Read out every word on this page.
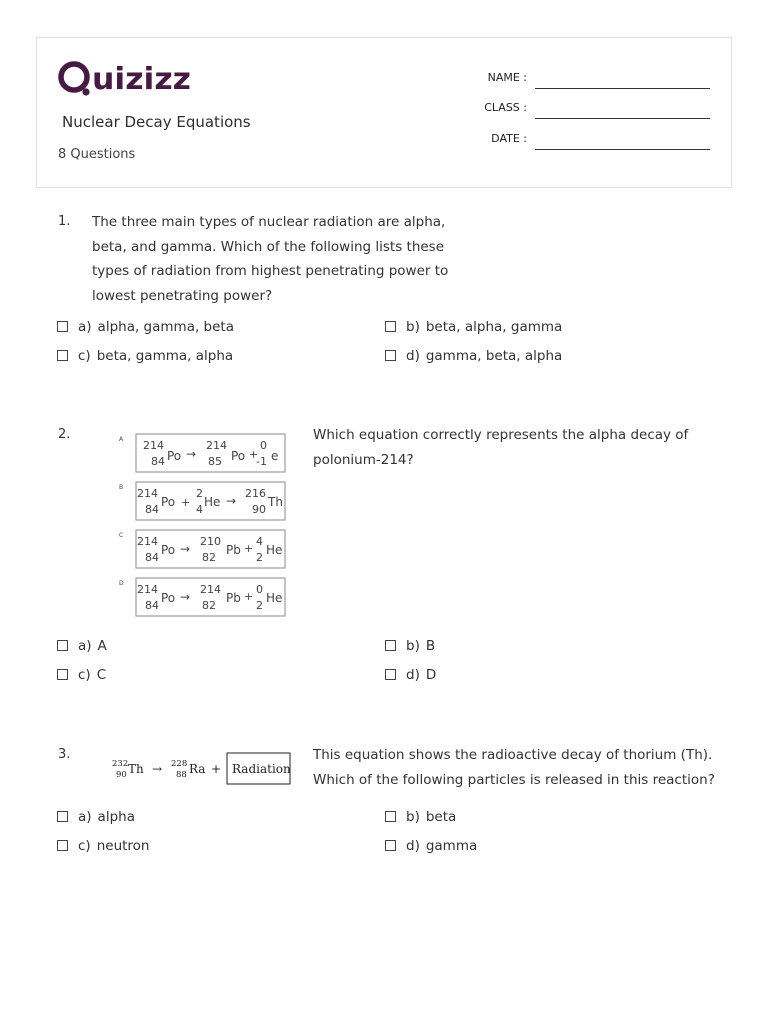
uizizz
Nuclear Decay Equations
8 Questions
NAME :
CLASS :
DATE :
1. The three main types of nuclear radiation are alpha, beta, and gamma. Which of the following lists these types of radiation from highest penetrating power to lowest penetrating power?
a) alpha, gamma, beta	b) beta, alpha, gamma
c) beta, gamma, alpha	d) gamma, beta, alpha
2.	Which equation correctly represents the alpha decay of polonium-214?
A 214
84 Po →
214
85 Po +
0
-1 e
B 214
84
Po +
2
4
He →
216
90
Th
C 214
84
Po →
210
82
Pb +
4
2
He
D 214
84
Po →
214
82
Pb +
0
2
He
a) A	b) B
c) C	d) D
3.	This equation shows the radioactive decay of thorium (Th). Which of the following particles is released in this reaction?
232
90 Th → 228
88 Ra + Radiation
a) alpha	b) beta
c) neutron	d) gamma
